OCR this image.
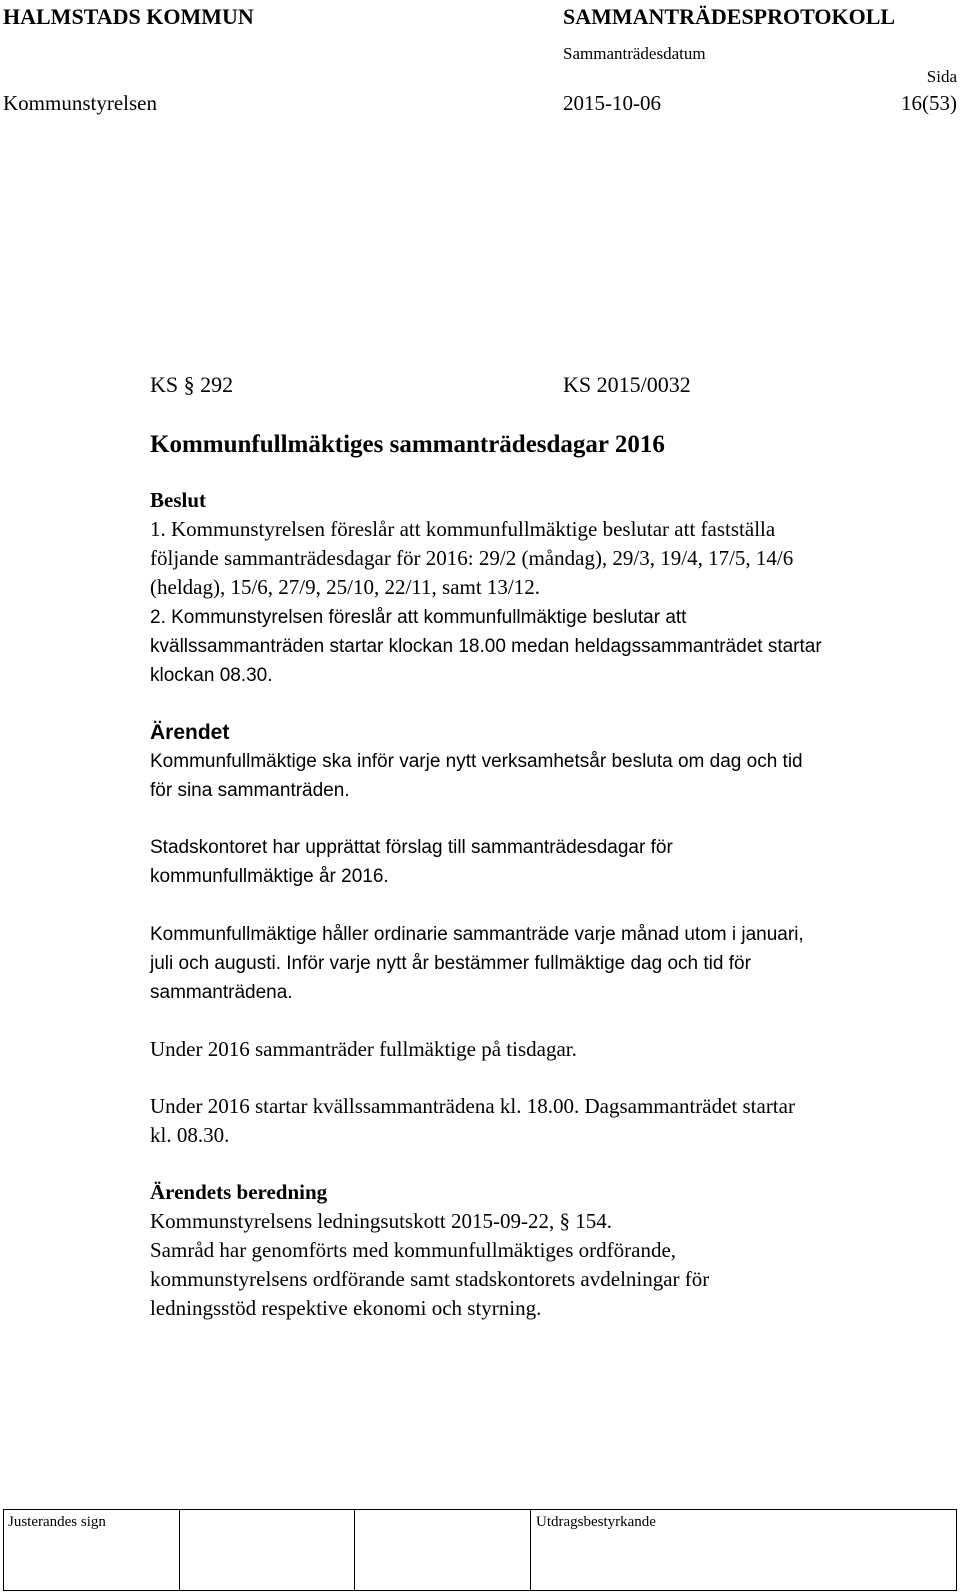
HALMSTADS KOMMUN	SAMMANTRÄDESPROTOKOLL
Sammanträdesdatum
Sida
Kommunstyrelsen	2015-10-06	16(53)
KS § 292	KS 2015/0032
Kommunfullmäktiges sammanträdesdagar 2016
Beslut
1. Kommunstyrelsen föreslår att kommunfullmäktige beslutar att fastställa
följande sammanträdesdagar för 2016: 29/2 (måndag), 29/3, 19/4, 17/5, 14/6
(heldag), 15/6, 27/9, 25/10, 22/11, samt 13/12.
2. Kommunstyrelsen föreslår att kommunfullmäktige beslutar att
kvällssammanträden startar klockan 18.00 medan heldagssammanträdet startar
klockan 08.30.
Ärendet
Kommunfullmäktige ska inför varje nytt verksamhetsår besluta om dag och tid
för sina sammanträden.
Stadskontoret har upprättat förslag till sammanträdesdagar för
kommunfullmäktige år 2016.
Kommunfullmäktige håller ordinarie sammanträde varje månad utom i januari,
juli och augusti. Inför varje nytt år bestämmer fullmäktige dag och tid för
sammanträdena.
Under 2016 sammanträder fullmäktige på tisdagar.
Under 2016 startar kvällssammanträdena kl. 18.00. Dagsammanträdet startar
kl. 08.30.
Ärendets beredning
Kommunstyrelsens ledningsutskott 2015-09-22, § 154.
Samråd har genomförts med kommunfullmäktiges ordförande,
kommunstyrelsens ordförande samt stadskontorets avdelningar för
ledningsstöd respektive ekonomi och styrning.
Justerandes sign	Utdragsbestyrkande
